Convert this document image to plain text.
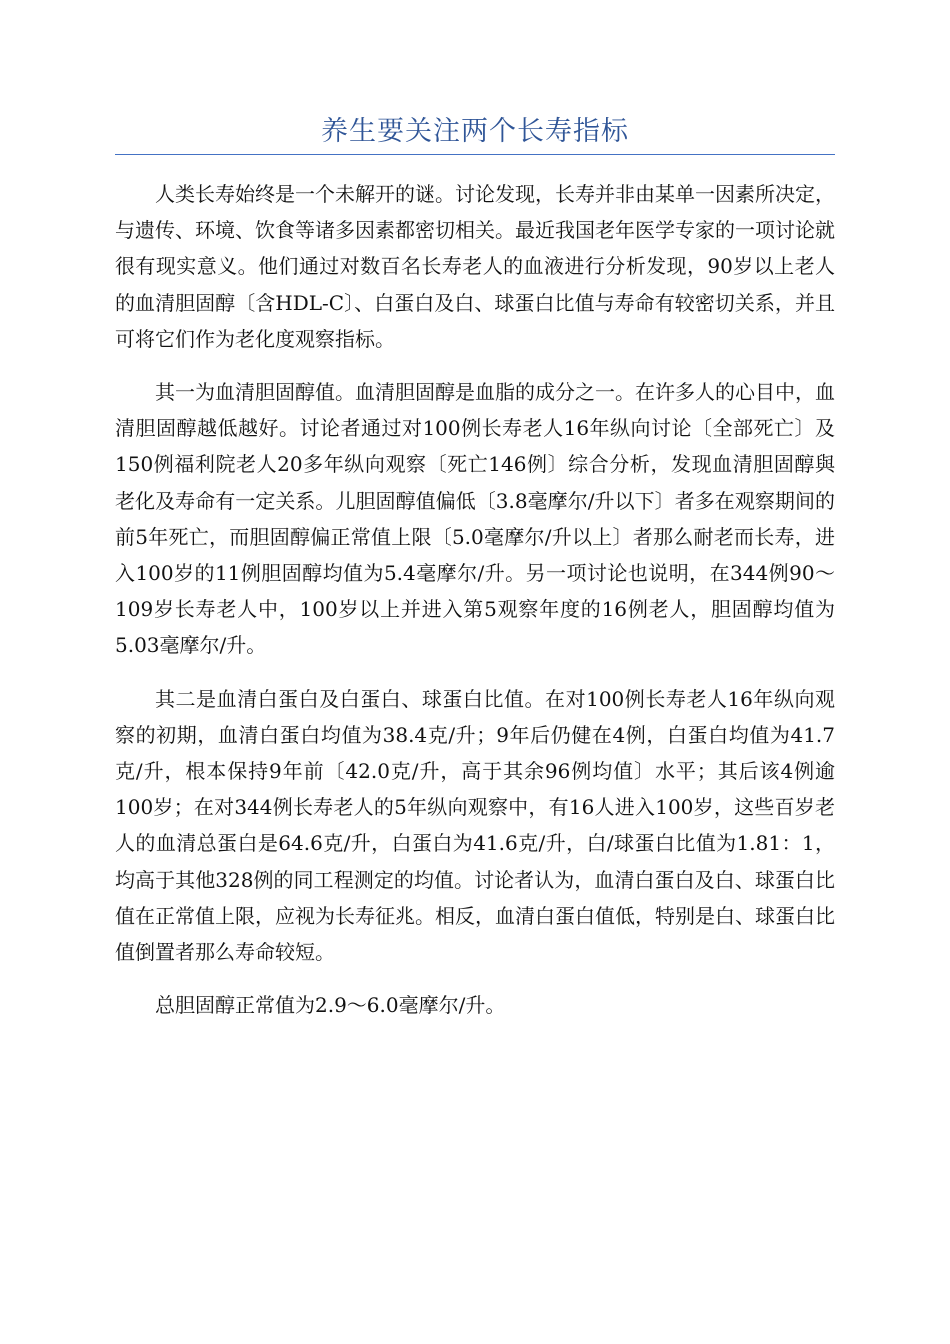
养生要关注两个长寿指标

人类长寿始终是一个未解开的谜。讨论发现，长寿并非由某单一因素所决定，与遗传、环境、饮食等诸多因素都密切相关。最近我国老年医学专家的一项讨论就很有现实意义。他们通过对数百名长寿老人的血液进行分析发现，90岁以上老人的血清胆固醇〔含HDL-C〕、白蛋白及白、球蛋白比值与寿命有较密切关系，并且可将它们作为老化度观察指标。

其一为血清胆固醇值。血清胆固醇是血脂的成分之一。在许多人的心目中，血清胆固醇越低越好。讨论者通过对100例长寿老人16年纵向讨论〔全部死亡〕及150例福利院老人20多年纵向观察〔死亡146例〕综合分析，发现血清胆固醇與老化及寿命有一定关系。儿胆固醇值偏低〔3.8毫摩尔/升以下〕者多在观察期间的前5年死亡，而胆固醇偏正常值上限〔5.0毫摩尔/升以上〕者那么耐老而长寿，进入100岁的11例胆固醇均值为5.4毫摩尔/升。另一项讨论也说明，在344例90～109岁长寿老人中，100岁以上并进入第5观察年度的16例老人，胆固醇均值为5.03毫摩尔/升。

其二是血清白蛋白及白蛋白、球蛋白比值。在对100例长寿老人16年纵向观察的初期，血清白蛋白均值为38.4克/升；9年后仍健在4例，白蛋白均值为41.7克/升，根本保持9年前〔42.0克/升，高于其余96例均值〕水平；其后该4例逾100岁；在对344例长寿老人的5年纵向观察中，有16人进入100岁，这些百岁老人的血清总蛋白是64.6克/升，白蛋白为41.6克/升，白/球蛋白比值为1.81：1，均高于其他328例的同工程测定的均值。讨论者认为，血清白蛋白及白、球蛋白比值在正常值上限，应视为长寿征兆。相反，血清白蛋白值低，特别是白、球蛋白比值倒置者那么寿命较短。

总胆固醇正常值为2.9～6.0毫摩尔/升。
